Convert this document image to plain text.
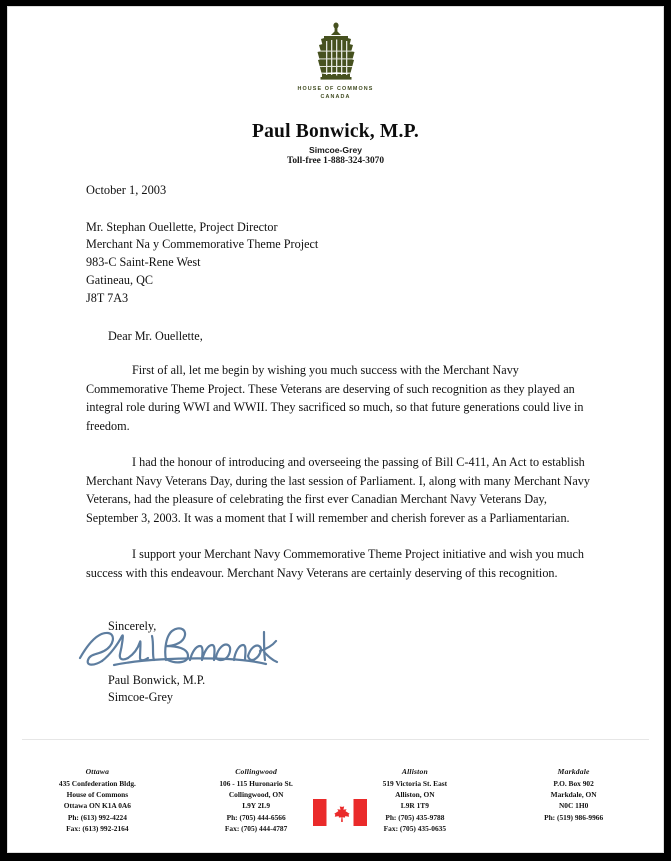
HOUSE OF COMMONS
CANADA
Paul Bonwick, M.P.
Simcoe-Grey
Toll-free 1-888-324-3070
October 1, 2003
Mr. Stephan Ouellette, Project Director
Merchant Na y Commemorative Theme Project
983-C Saint-Rene West
Gatineau, QC
J8T 7A3
Dear Mr. Ouellette,
First of all, let me begin by wishing you much success with the Merchant Navy Commemorative Theme Project. These Veterans are deserving of such recognition as they played an integral role during WWI and WWII. They sacrificed so much, so that future generations could live in freedom.
I had the honour of introducing and overseeing the passing of Bill C-411, An Act to establish Merchant Navy Veterans Day, during the last session of Parliament. I, along with many Merchant Navy Veterans, had the pleasure of celebrating the first ever Canadian Merchant Navy Veterans Day, September 3, 2003. It was a moment that I will remember and cherish forever as a Parliamentarian.
I support your Merchant Navy Commemorative Theme Project initiative and wish you much success with this endeavour. Merchant Navy Veterans are certainly deserving of this recognition.
Sincerely,
Paul Bonwick, M.P.
Simcoe-Grey
Ottawa
435 Confederation Bldg.
House of Commons
Ottawa ON K1A 0A6
Ph: (613) 992-4224
Fax: (613) 992-2164
Collingwood
106 - 115 Huronario St.
Collingwood, ON
L9Y 2L9
Ph: (705) 444-6566
Fax: (705) 444-4787
Alliston
519 Victoria St. East
Alliston, ON
L9R 1T9
Ph: (705) 435-9788
Fax: (705) 435-0635
Markdale
P.O. Box 902
Markdale, ON
N0C 1H0
Ph: (519) 986-9966
